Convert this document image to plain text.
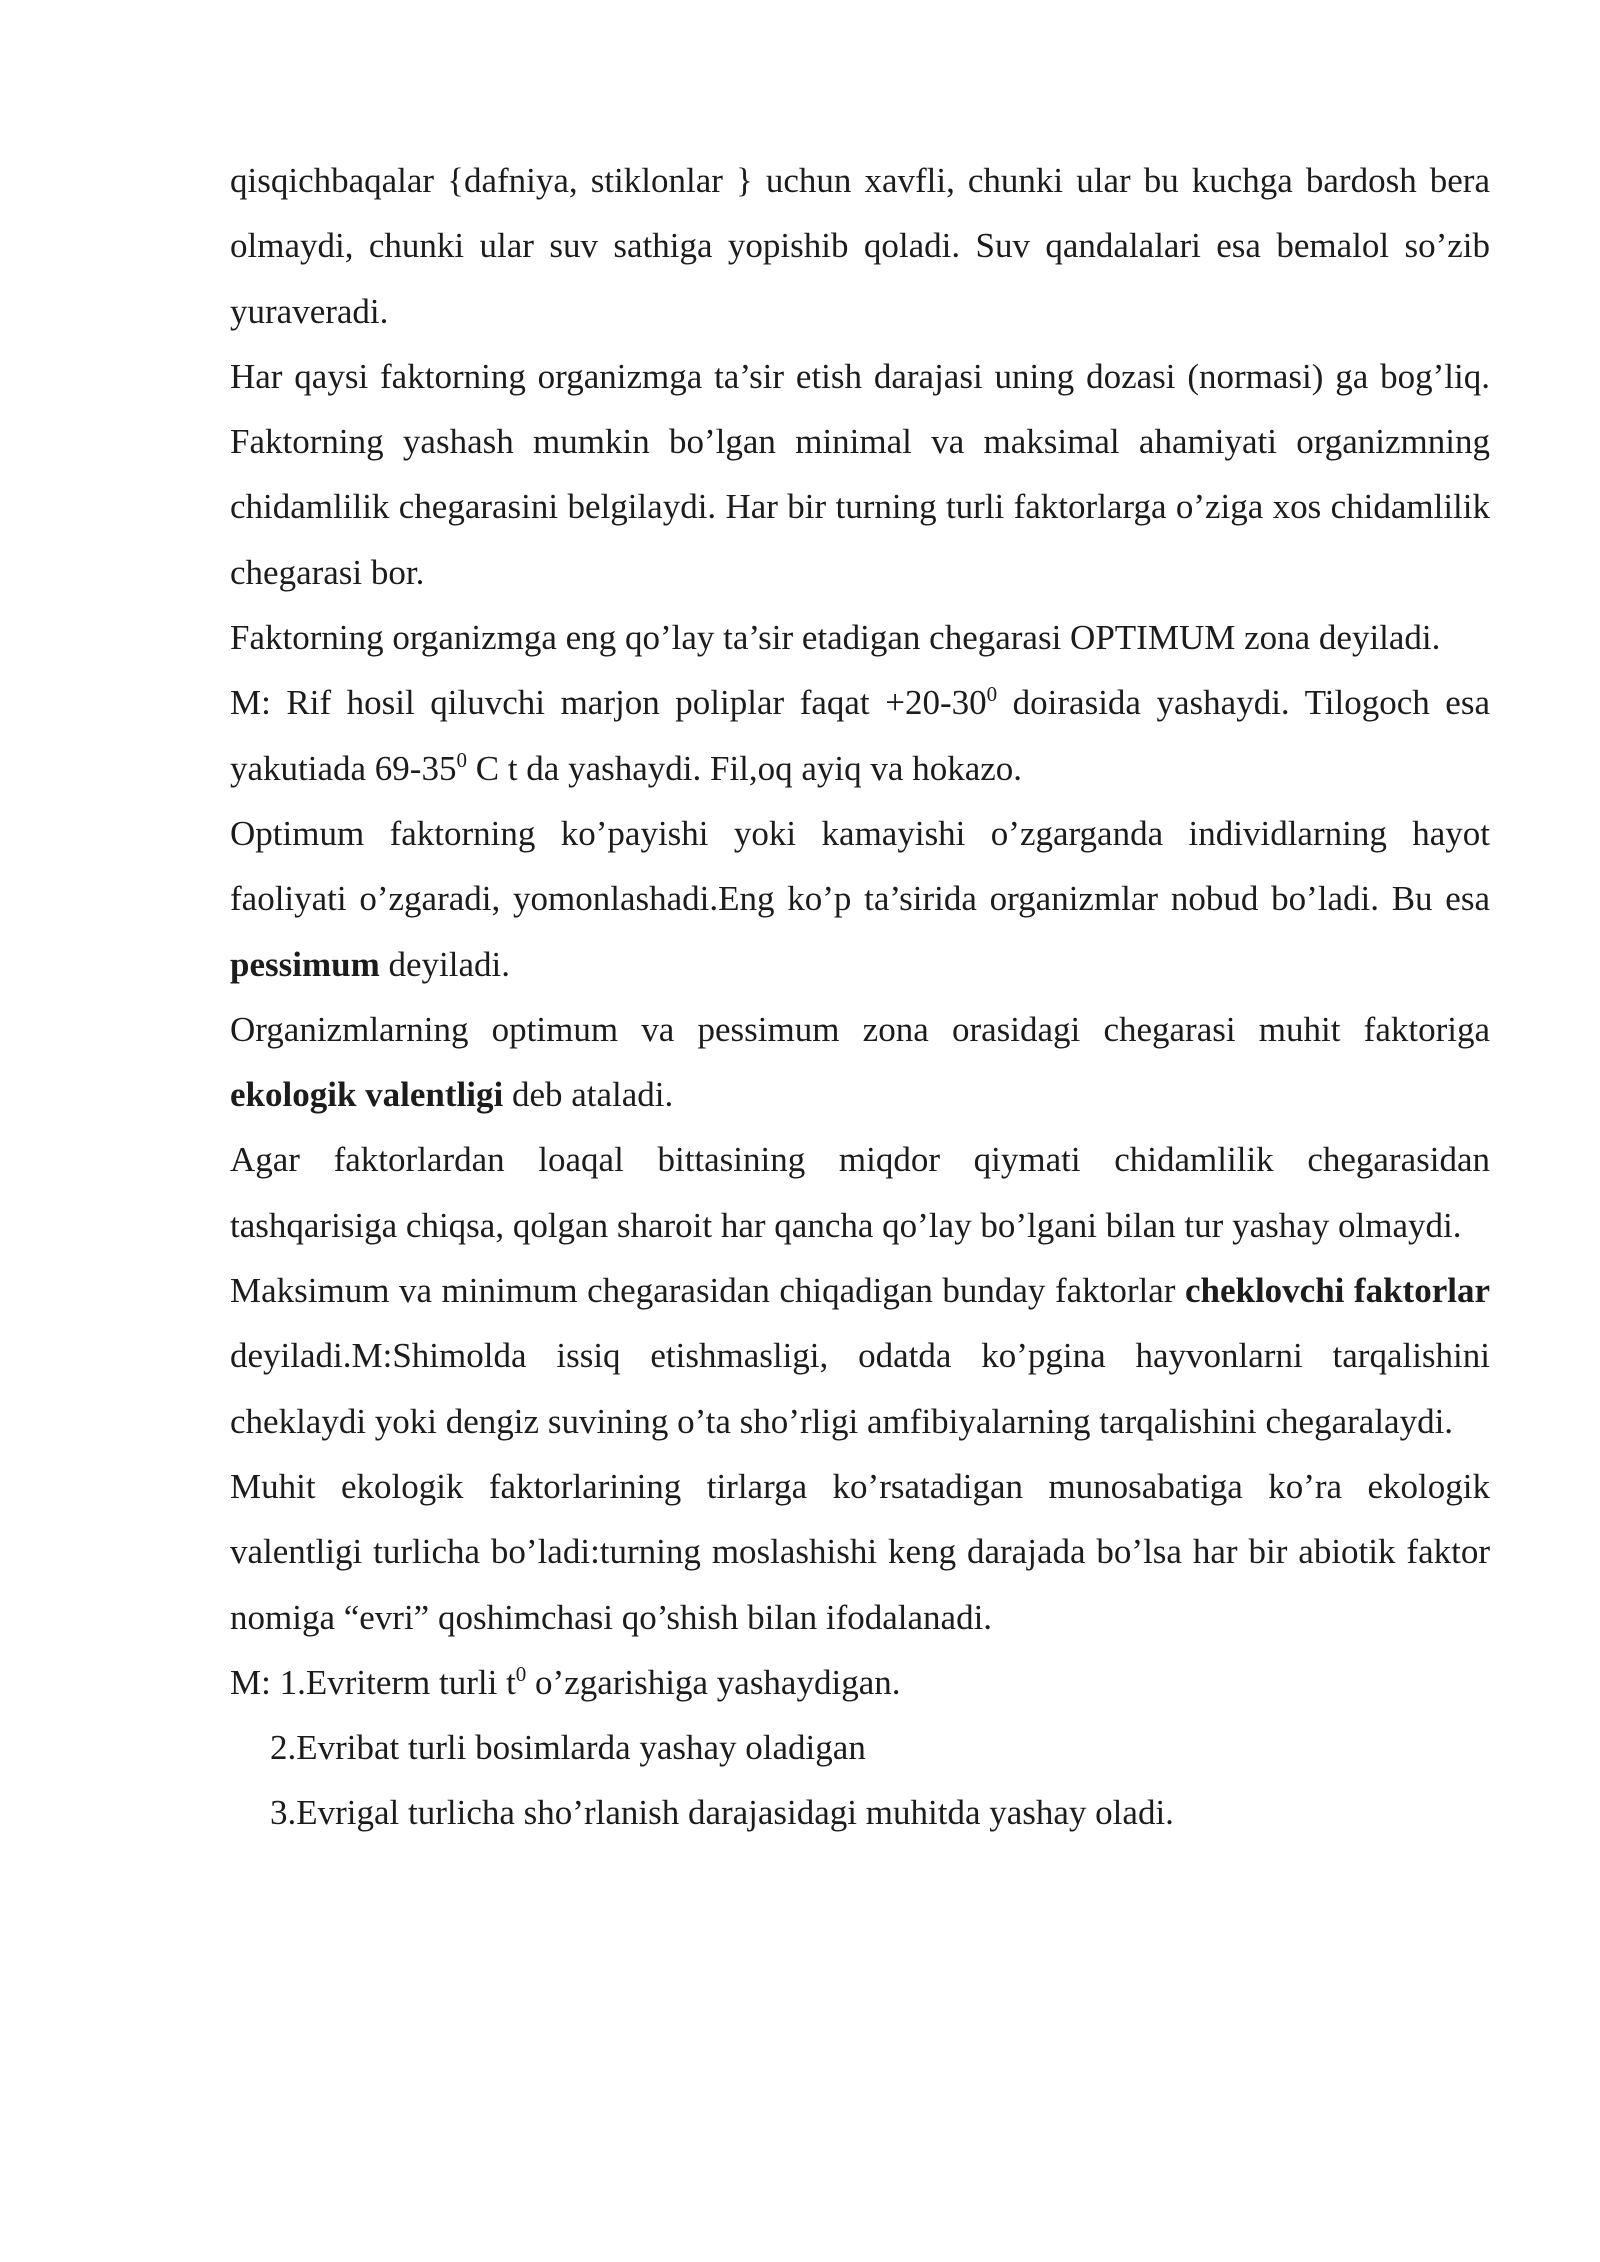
qisqichbaqalar {dafniya, stiklonlar } uchun xavfli, chunki ular bu kuchga bardosh bera olmaydi, chunki ular suv sathiga yopishib qoladi. Suv qandalalari esa bemalol so’zib yuraveradi.

Har qaysi faktorning organizmga ta’sir etish darajasi uning dozasi (normasi) ga bog’liq. Faktorning yashash mumkin bo’lgan minimal va maksimal ahamiyati organizmning chidamlilik chegarasini belgilaydi. Har bir turning turli faktorlarga o’ziga xos chidamlilik chegarasi bor.

Faktorning organizmga eng qo’lay ta’sir etadigan chegarasi OPTIMUM zona deyiladi.

M: Rif hosil qiluvchi marjon poliplar faqat $+20-30^0$ doirasida yashaydi. Tilogoch esa yakutiada $69-35^0$ C t da yashaydi. Fil,oq ayiq va hokazo.

Optimum faktorning ko’payishi yoki kamayishi o’zgarganda individlarning hayot faoliyati o’zgaradi, yomonlashadi.Eng ko’p ta’sirida organizmlar nobud bo’ladi. Bu esa pessimum deyiladi.

Organizmlarning optimum va pessimum zona orasidagi chegarasi muhit faktoriga ekologik valentligi deb ataladi.

Agar faktorlardan loaqal bittasining miqdor qiymati chidamlilik chegarasidan tashqarisiga chiqsa, qolgan sharoit har qancha qo’lay bo’lgani bilan tur yashay olmaydi.

Maksimum va minimum chegarasidan chiqadigan bunday faktorlar cheklovchi faktorlar deyiladi.M:Shimolda issiq etishmasligi, odatda ko’pgina hayvonlarni tarqalishini cheklaydi yoki dengiz suvining o’ta sho’rligi amfibiyalarning tarqalishini chegaralaydi.

Muhit ekologik faktorlarining tirlarga ko’rsatadigan munosabatiga ko’ra ekologik valentligi turlicha bo’ladi:turning moslashishi keng darajada bo’lsa har bir abiotik faktor nomiga “evri” qoshimchasi qo’shish bilan ifodalanadi.

M: 1.Evriterm turli $t^0$ o’zgarishiga yashaydigan.

2.Evribat turli bosimlarda yashay oladigan

3.Evrigal turlicha sho’rlanish darajasidagi muhitda yashay oladi.
